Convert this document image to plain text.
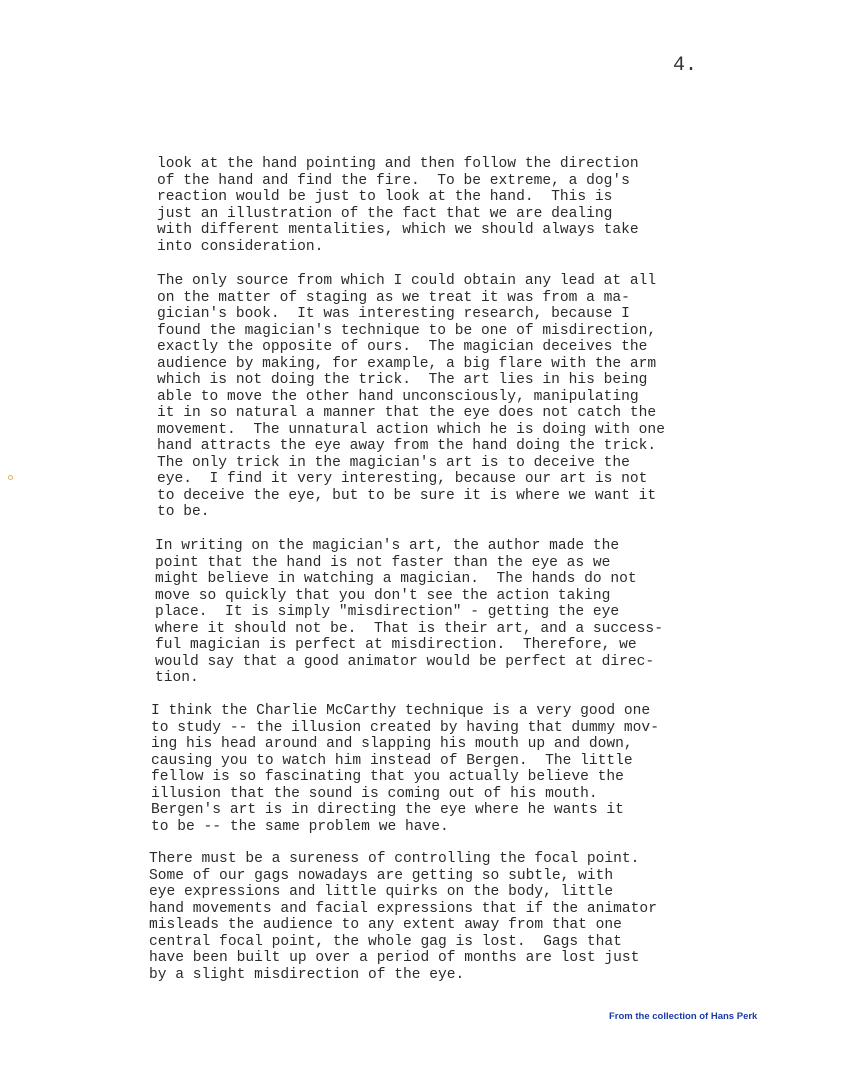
4.
look at the hand pointing and then follow the direction
of the hand and find the fire.  To be extreme, a dog's
reaction would be just to look at the hand.  This is
just an illustration of the fact that we are dealing
with different mentalities, which we should always take
into consideration.
The only source from which I could obtain any lead at all
on the matter of staging as we treat it was from a ma-
gician's book.  It was interesting research, because I
found the magician's technique to be one of misdirection,
exactly the opposite of ours.  The magician deceives the
audience by making, for example, a big flare with the arm
which is not doing the trick.  The art lies in his being
able to move the other hand unconsciously, manipulating
it in so natural a manner that the eye does not catch the
movement.  The unnatural action which he is doing with one
hand attracts the eye away from the hand doing the trick.
The only trick in the magician's art is to deceive the
eye.  I find it very interesting, because our art is not
to deceive the eye, but to be sure it is where we want it
to be.
In writing on the magician's art, the author made the
point that the hand is not faster than the eye as we
might believe in watching a magician.  The hands do not
move so quickly that you don't see the action taking
place.  It is simply "misdirection" - getting the eye
where it should not be.  That is their art, and a success-
ful magician is perfect at misdirection.  Therefore, we
would say that a good animator would be perfect at direc-
tion.
I think the Charlie McCarthy technique is a very good one
to study -- the illusion created by having that dummy mov-
ing his head around and slapping his mouth up and down,
causing you to watch him instead of Bergen.  The little
fellow is so fascinating that you actually believe the
illusion that the sound is coming out of his mouth.
Bergen's art is in directing the eye where he wants it
to be -- the same problem we have.
There must be a sureness of controlling the focal point.
Some of our gags nowadays are getting so subtle, with
eye expressions and little quirks on the body, little
hand movements and facial expressions that if the animator
misleads the audience to any extent away from that one
central focal point, the whole gag is lost.  Gags that
have been built up over a period of months are lost just
by a slight misdirection of the eye.
From the collection of Hans Perk
